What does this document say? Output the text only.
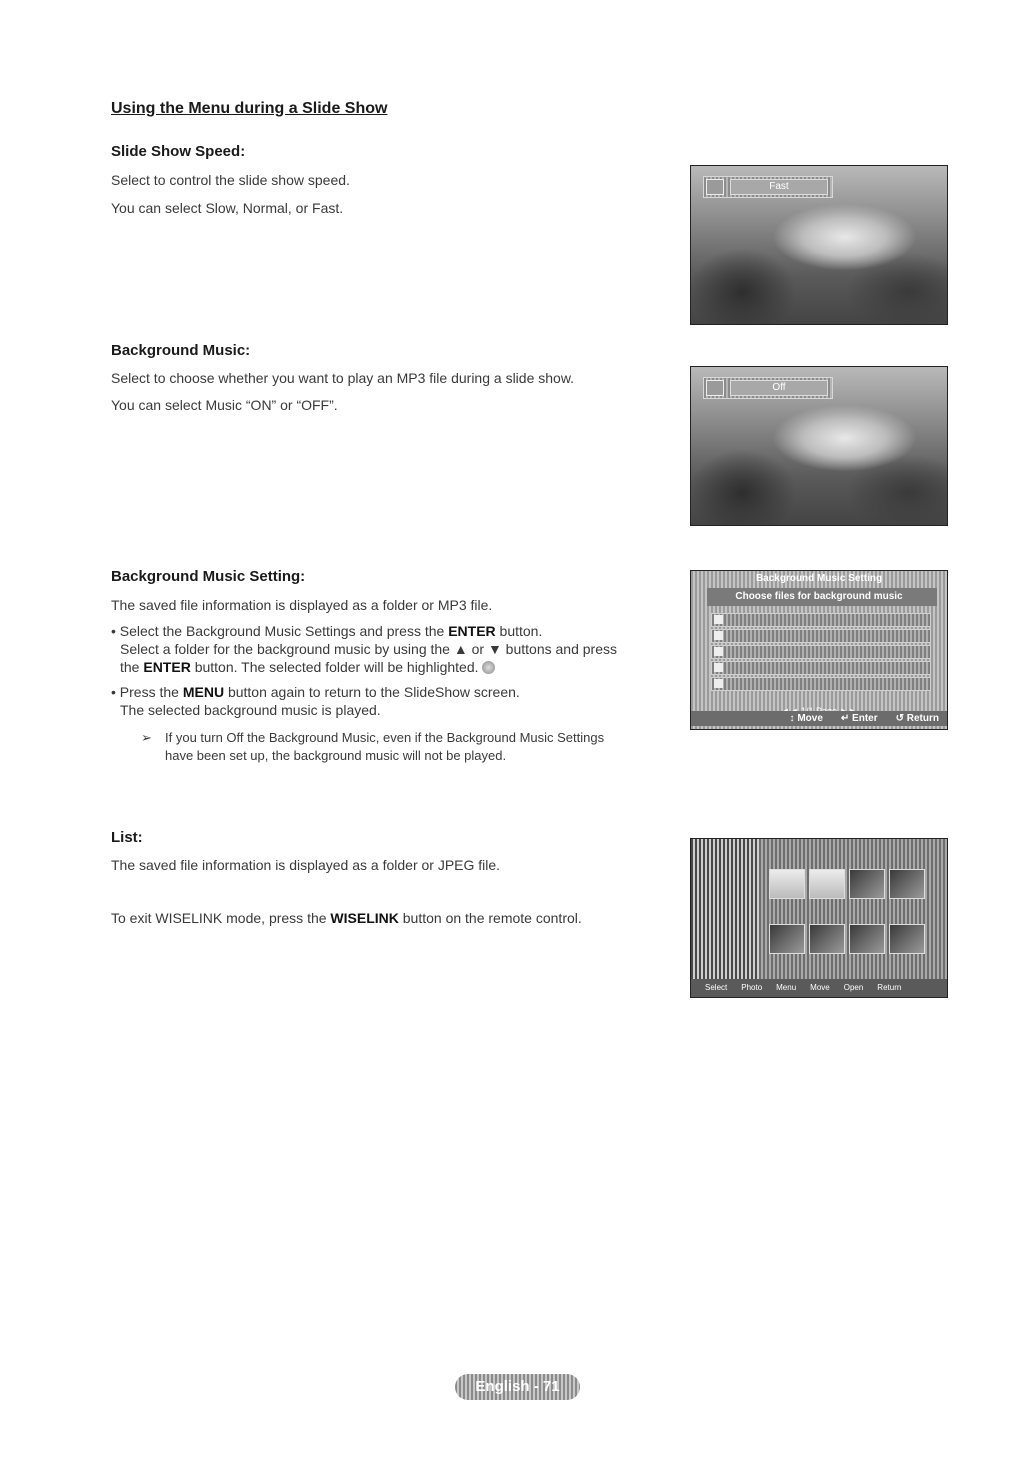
Using the Menu during a Slide Show
Slide Show Speed:
Select to control the slide show speed.
You can select Slow, Normal, or Fast.
Fast
Background Music:
Select to choose whether you want to play an MP3 file during a slide show.
You can select Music “ON” or “OFF”.
Off
Background Music Setting:
The saved file information is displayed as a folder or MP3 file.
• Select the Background Music Settings and press the ENTER button.
Select a folder for the background music by using the ▲ or ▼ buttons and press
the ENTER button. The selected folder will be highlighted.
• Press the MENU button again to return to the SlideShow screen.
The selected background music is played.
➢ If you turn Off the Background Music, even if the Background Music Settings
have been set up, the background music will not be played.
Background Music Setting
Choose files for background music
↕ Move ↵ Enter ↺ Return
List:
The saved file information is displayed as a folder or JPEG file.
To exit WISELINK mode, press the WISELINK button on the remote control.
Select Photo Menu Move Open Return
English - 71
